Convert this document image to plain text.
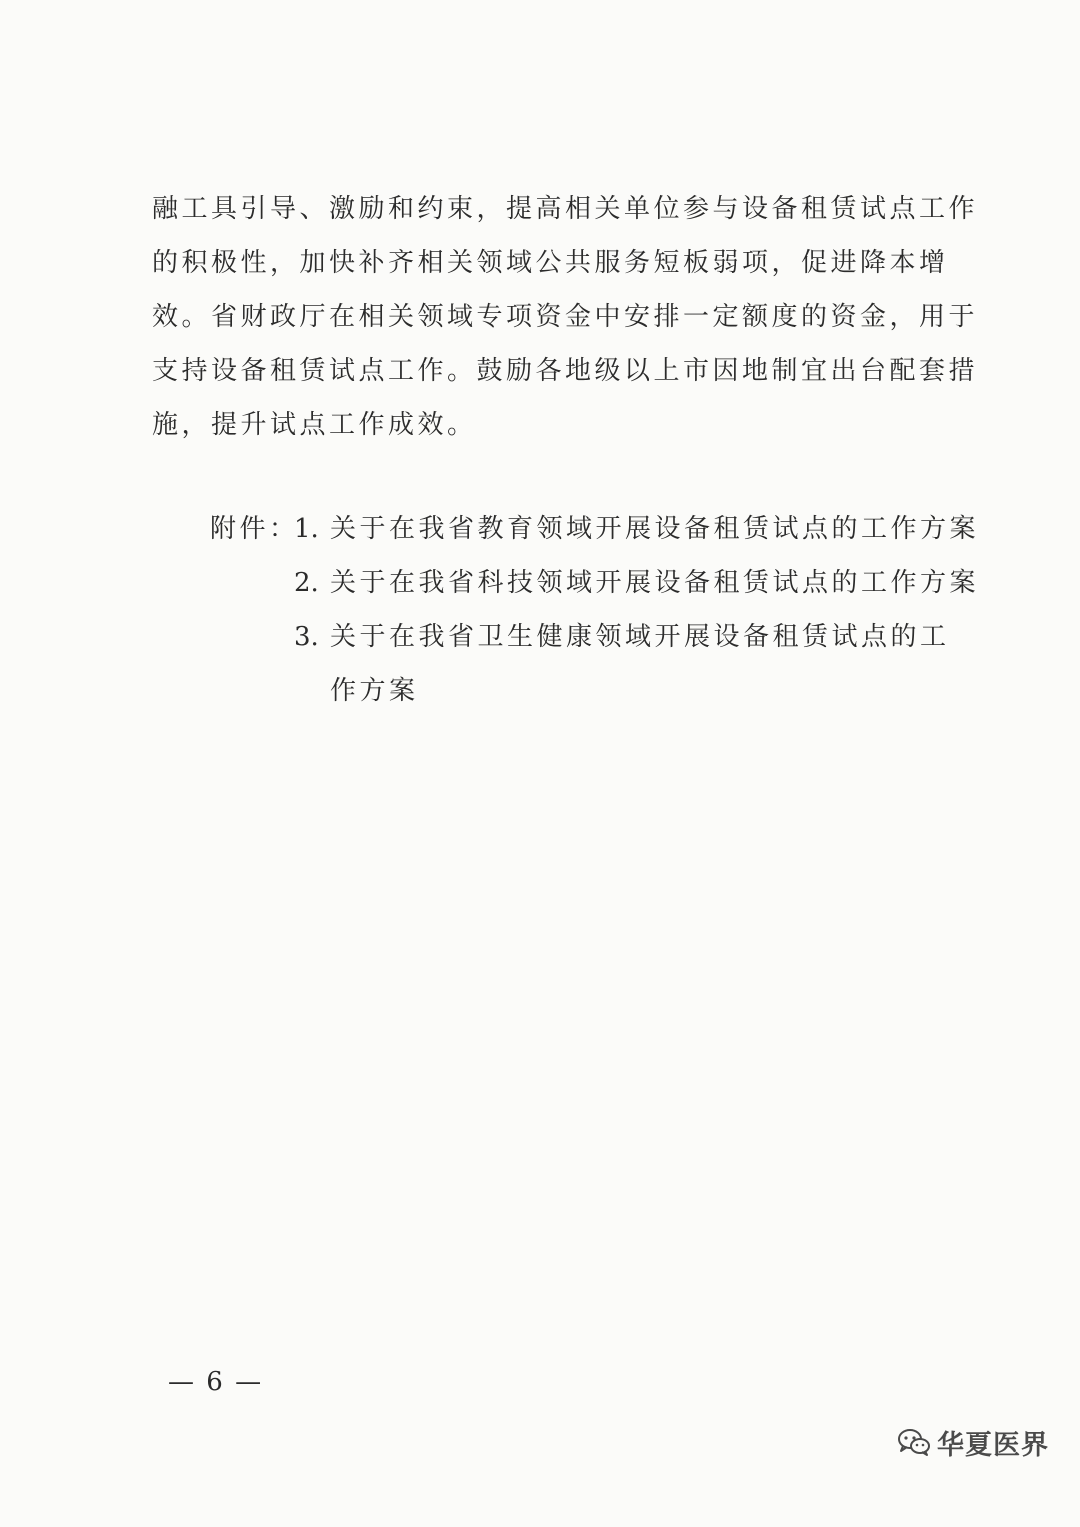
融工具引导、激励和约束，提高相关单位参与设备租赁试点工作
的积极性，加快补齐相关领域公共服务短板弱项，促进降本增
效。省财政厅在相关领域专项资金中安排一定额度的资金，用于
支持设备租赁试点工作。鼓励各地级以上市因地制宜出台配套措
施，提升试点工作成效。
附件：
1. 关于在我省教育领域开展设备租赁试点的工作方案
2. 关于在我省科技领域开展设备租赁试点的工作方案
3. 关于在我省卫生健康领域开展设备租赁试点的工
作方案
— 6 —
华夏医界
